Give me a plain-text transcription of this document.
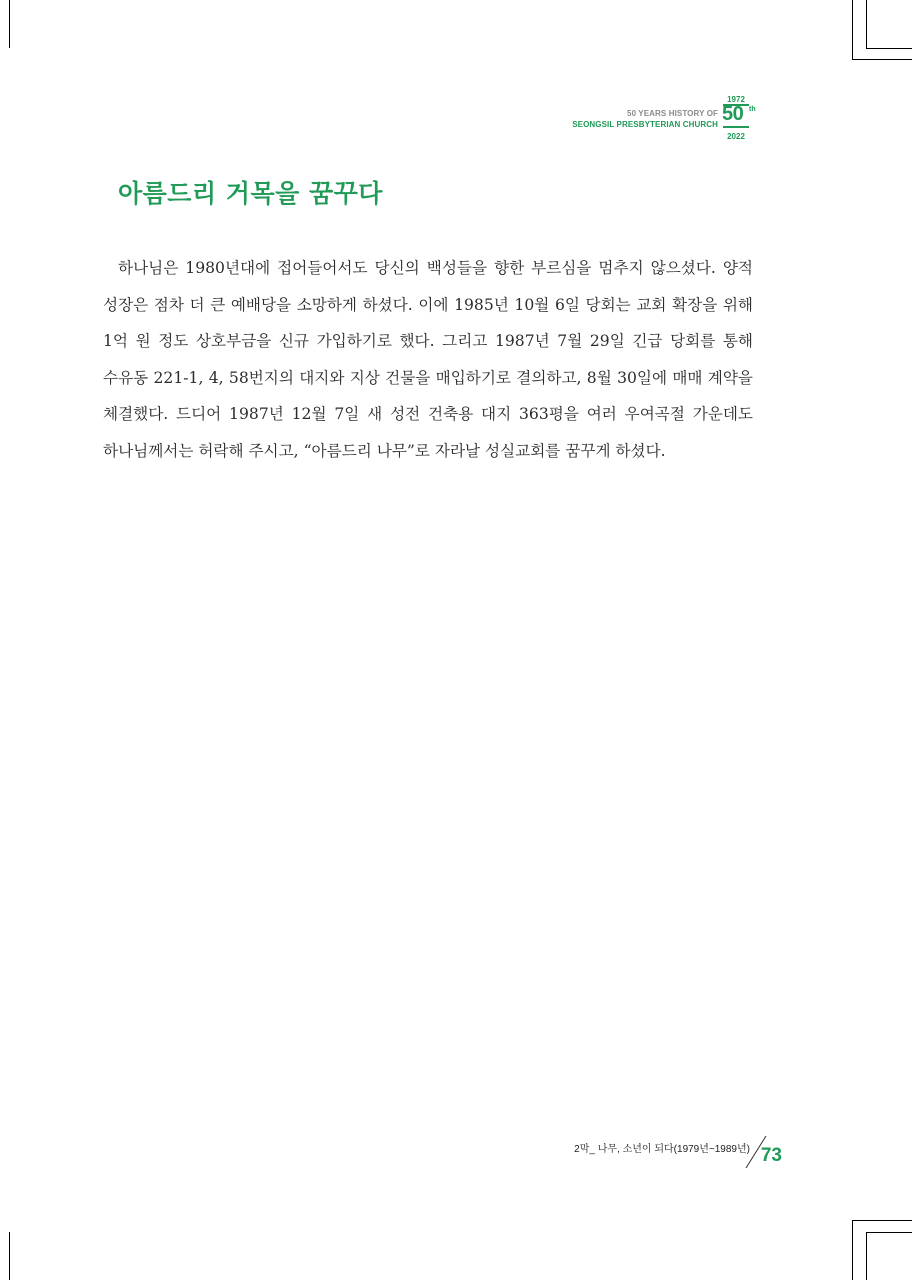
50 YEARS HISTORY OF
SEONGSIL PRESBYTERIAN CHURCH
1972
50 th
2022
아름드리 거목을 꿈꾸다

하나님은 1980년대에 접어들어서도 당신의 백성들을 향한 부르심을 멈추지 않으셨다. 양적 성장은 점차 더 큰 예배당을 소망하게 하셨다. 이에 1985년 10월 6일 당회는 교회 확장을 위해 1억 원 정도 상호부금을 신규 가입하기로 했다. 그리고 1987년 7월 29일 긴급 당회를 통해 수유동 221-1, 4, 58번지의 대지와 지상 건물을 매입하기로 결의하고, 8월 30일에 매매 계약을 체결했다. 드디어 1987년 12월 7일 새 성전 건축용 대지 363평을 여러 우여곡절 가운데도 하나님께서는 허락해 주시고, “아름드리 나무”로 자라날 성실교회를 꿈꾸게 하셨다.

2막_ 나무, 소년이 되다(1979년~1989년) 73
